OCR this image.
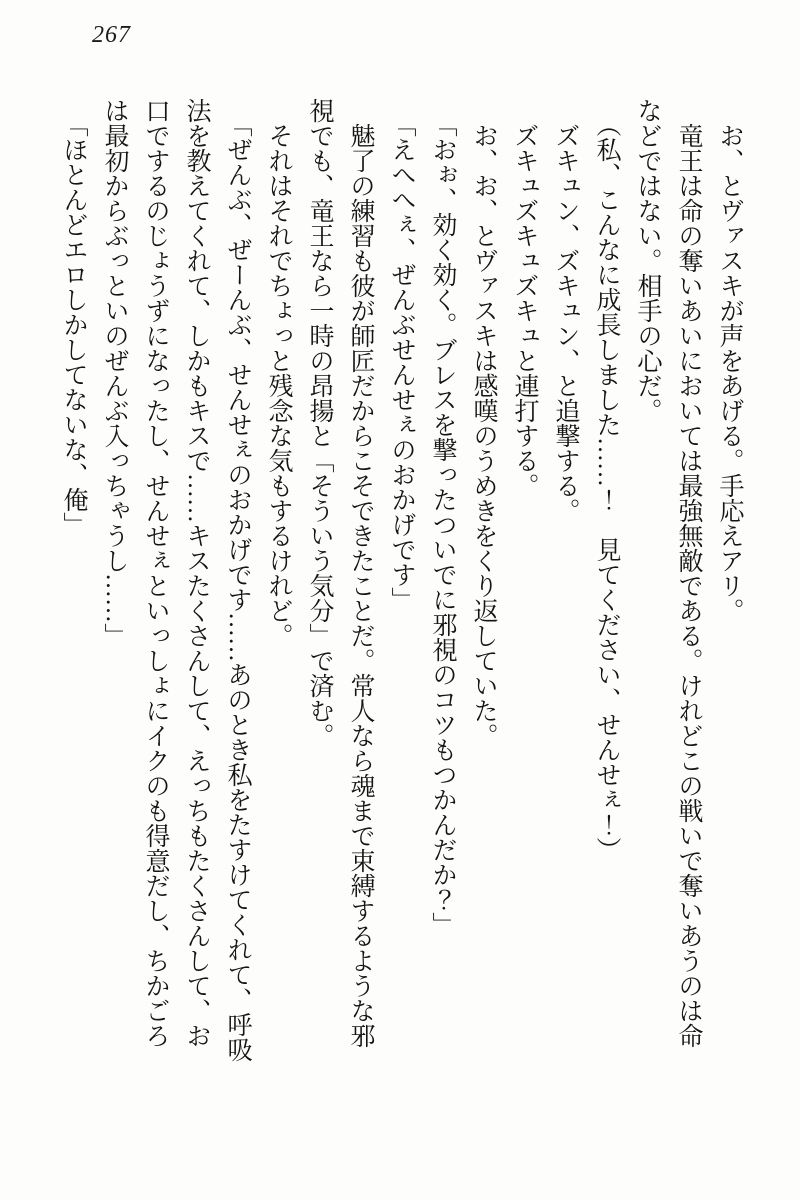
267

お、とヴァスキが声をあげる。手応えアリ。

竜王は命の奪いあいにおいては最強無敵である。けれどこの戦いで奪いあうのは命などではない。相手の心だ。

（私、こんなに成長しました……！　見てください、せんせぇ！）

ズキュン、ズキュン、と追撃する。

ズキュズキュズキュと連打する。

お、お、とヴァスキは感嘆のうめきをくり返していた。

「おぉ、効く効く。ブレスを撃ったついでに邪視のコツもつかんだか？」

「えへへぇ、ぜんぶせんせぇのおかげです」

魅了の練習も彼が師匠だからこそできたことだ。常人なら魂まで束縛するような邪視でも、竜王なら一時の昂揚と「そういう気分」で済む。

それはそれでちょっと残念な気もするけれど。

「ぜんぶ、ぜーんぶ、せんせぇのおかげです……あのとき私をたすけてくれて、呼吸法を教えてくれて、しかもキスで……キスたくさんして、えっちもたくさんして、お口でするのじょうずになったし、せんせぇといっしょにイクのも得意だし、ちかごろは最初からぶっといのぜんぶ入っちゃうし……」

「ほとんどエロしかしてないな、俺」
